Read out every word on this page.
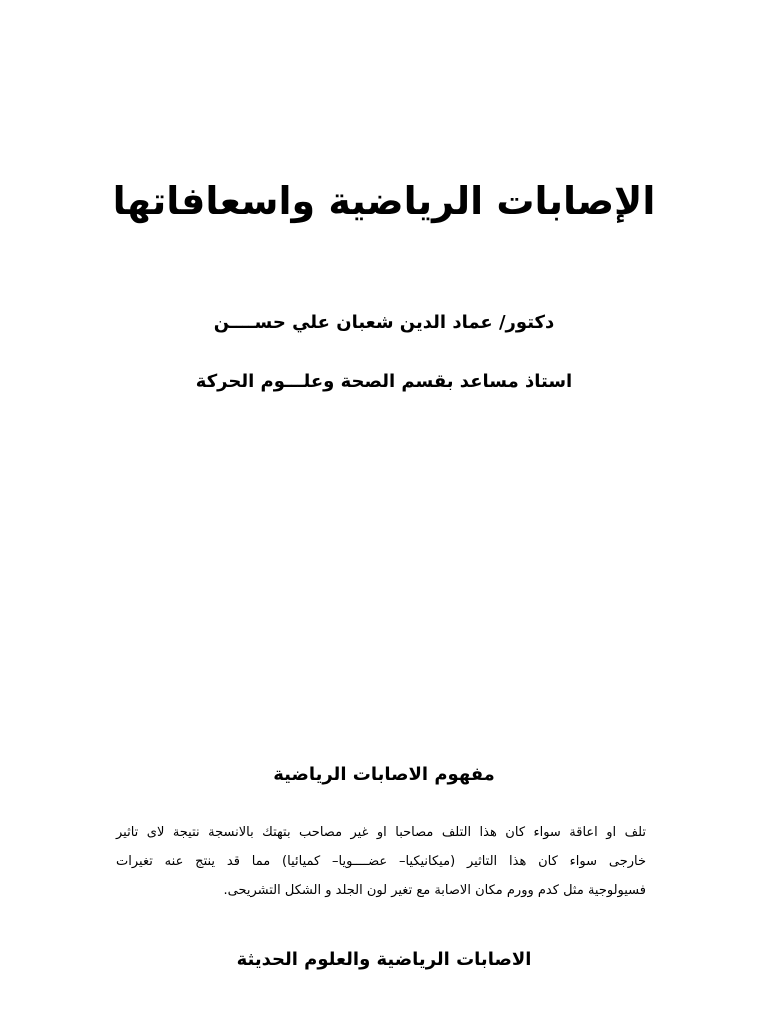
الإصابات الرياضية واسعافاتها
دكتور/ عماد الدين شعبان علي حســــن
استاذ مساعد بقسم الصحة وعلـــوم الحركة
مفهوم الاصابات الرياضية
تلف او اعاقة سواء كان هذا التلف مصاحبا او غير مصاحب بتهتك بالانسجة نتيجة لاى تاثير
خارجى سواء كان هذا التاثير (ميكانيكيا– عضــــويا– كميائيا) مما قد ينتج عنه تغيرات
فسيولوجية مثل كدم وورم مكان الاصابة مع تغير لون الجلد و الشكل التشريحى.
الاصابات الرياضية والعلوم الحديثة
